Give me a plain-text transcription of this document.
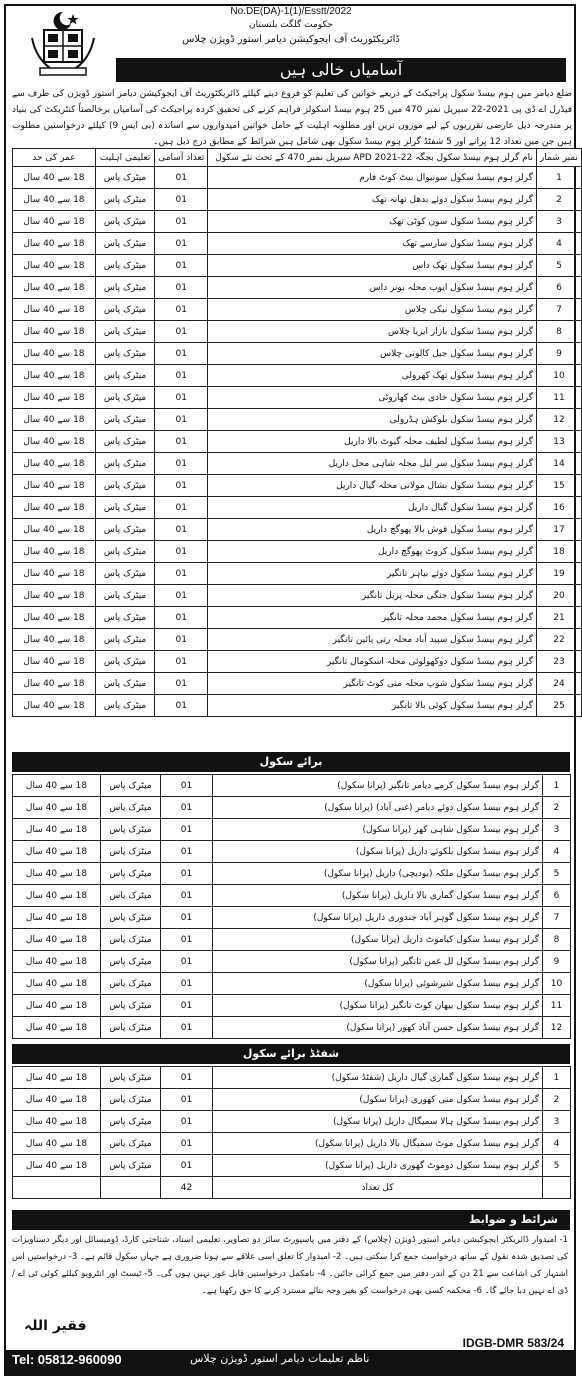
No.DE(DA)-1(1)/Esstt/2022
حکومت گلگت بلتستان
ڈائریکٹوریٹ آف ایجوکیشن دیامر استور ڈویژن چلاس
آسامیاں خالی ہیں
ضلع دیامر میں ہوم بیسڈ سکول پراجیکٹ کے ذریعے خواتین کی تعلیم کو فروغ دینے کیلئے ڈائریکٹوریٹ آف ایجوکیشن دیامر استور ڈویژن کی طرف سے فیڈرل اے ڈی پی 2021-22 سیریل نمبر 470 میں 25 ہوم بیسڈ اسکولز فراہم کرنے کی تحقیق کردہ پراجیکٹ کی آسامیاں برخالصتاً کنٹریکٹ کی بنیاد پر مندرجہ ذیل عارضی تقرریوں کے لیے موزوں ترین اور مطلوبہ اہلیت کے حامل خواتین امیدواروں سے اساتذہ (بی ایس 9) کیلئے درخواستیں مطلوب ہیں جن میں تعداد 12 پرانے اور 5 شفٹڈ گرلز ہوم بیسڈ سکول بھی شامل ہیں شرائط کے مطابق درج ذیل ہیں۔
نمبر شمار	نام گرلز ہوم بیسڈ سکول بجگہ APD 2021-22 سیریل نمبر 470 کے تحت نئے سکول	تعداد آسامی	تعلیمی اہلیت	عمر کی حد
1	گرلز ہوم بیسڈ سکول سونیوال بیٹ کوٹ فارم	01	میٹرک پاس	18 سے 40 سال
2	گرلز ہوم بیسڈ سکول دوئے بدھل تھانہ تھک	01	میٹرک پاس	18 سے 40 سال
3	گرلز ہوم بیسڈ سکول سون کوٹی تھک	01	میٹرک پاس	18 سے 40 سال
4	گرلز ہوم بیسڈ سکول سارسے تھک	01	میٹرک پاس	18 سے 40 سال
5	گرلز ہوم بیسڈ سکول تھک داس	01	میٹرک پاس	18 سے 40 سال
6	گرلز ہوم بیسڈ سکول ایوب محلہ بونر داس	01	میٹرک پاس	18 سے 40 سال
7	گرلز ہوم بیسڈ سکول نیکی چلاس	01	میٹرک پاس	18 سے 40 سال
8	گرلز ہوم بیسڈ سکول بازار ایریا چلاس	01	میٹرک پاس	18 سے 40 سال
9	گرلز ہوم بیسڈ سکول جیل کالونی چلاس	01	میٹرک پاس	18 سے 40 سال
10	گرلز ہوم بیسڈ سکول تھک کھرولی	01	میٹرک پاس	18 سے 40 سال
11	گرلز ہوم بیسڈ سکول خادی بیٹ کھاروٹی	01	میٹرک پاس	18 سے 40 سال
12	گرلز ہوم بیسڈ سکول بلوکش ہڈرولی	01	میٹرک پاس	18 سے 40 سال
13	گرلز ہوم بیسڈ سکول لطیف محلہ گیوٹ بالا داریل	01	میٹرک پاس	18 سے 40 سال
14	گرلز ہوم بیسڈ سکول سر لیل محلہ شاہی محل داریل	01	میٹرک پاس	18 سے 40 سال
15	گرلز ہوم بیسڈ سکول بشال مولانی محلہ گیال داریل	01	میٹرک پاس	18 سے 40 سال
16	گرلز ہوم بیسڈ سکول گیال داریل	01	میٹرک پاس	18 سے 40 سال
17	گرلز ہوم بیسڈ سکول قوش بالا پھوگچ داریل	01	میٹرک پاس	18 سے 40 سال
18	گرلز ہوم بیسڈ سکول کروٹ پھوگچ داریل	01	میٹرک پاس	18 سے 40 سال
19	گرلز ہوم بیسڈ سکول دوئے بیاہر تانگیر	01	میٹرک پاس	18 سے 40 سال
20	گرلز ہوم بیسڈ سکول جنگی محلہ پریل تانگیر	01	میٹرک پاس	18 سے 40 سال
21	گرلز ہوم بیسڈ سکول محمد محلہ تانگیر	01	میٹرک پاس	18 سے 40 سال
22	گرلز ہوم بیسڈ سکول سپید آباد محلہ رتی پائین تانگیر	01	میٹرک پاس	18 سے 40 سال
23	گرلز ہوم بیسڈ سکول دوکھولوئی محلہ اسکومال تانگیر	01	میٹرک پاس	18 سے 40 سال
24	گرلز ہوم بیسڈ سکول شوپ محلہ منی کوٹ تانگیر	01	میٹرک پاس	18 سے 40 سال
25	گرلز ہوم بیسڈ سکول کوئی بالا تانگیر	01	میٹرک پاس	18 سے 40 سال
برائے سکول
1	گرلز ہوم بیسڈ سکول کرمے دیامر تانگیر (پرانا سکول)	01	میٹرک پاس	18 سے 40 سال
2	گرلز ہوم بیسڈ سکول دوئے دیامر (غنی آباد) (پرانا سکول)	01	میٹرک پاس	18 سے 40 سال
3	گرلز ہوم بیسڈ سکول شاہی کھر (پرانا سکول)	01	میٹرک پاس	18 سے 40 سال
4	گرلز ہوم بیسڈ سکول بلکوئے داریل (پرانا سکول)	01	میٹرک پاس	18 سے 40 سال
5	گرلز ہوم بیسڈ سکول ملکہ (بودیچی) داریل (پرانا سکول)	01	میٹرک پاس	18 سے 40 سال
6	گرلز ہوم بیسڈ سکول گماری بالا داریل (پرانا سکول)	01	میٹرک پاس	18 سے 40 سال
7	گرلز ہوم بیسڈ سکول گوہر آباد جندوری داریل (پرانا سکول)	01	میٹرک پاس	18 سے 40 سال
8	گرلز ہوم بیسڈ سکول کیاموٹ داریل (پرانا سکول)	01	میٹرک پاس	18 سے 40 سال
9	گرلز ہوم بیسڈ سکول لل غمن تانگیر (پرانا سکول)	01	میٹرک پاس	18 سے 40 سال
10	گرلز ہوم بیسڈ سکول شیرشوئی (پرانا سکول)	01	میٹرک پاس	18 سے 40 سال
11	گرلز ہوم بیسڈ سکول بیھان کوٹ تانگیر (پرانا سکول)	01	میٹرک پاس	18 سے 40 سال
12	گرلز ہوم بیسڈ سکول حسن آباد کھور (پرانا سکول)	01	میٹرک پاس	18 سے 40 سال
شفٹڈ برائے سکول
1	گرلز ہوم بیسڈ سکول گماری گیال داریل (شفٹڈ سکول)	01	میٹرک پاس	18 سے 40 سال
2	گرلز ہوم بیسڈ سکول منی کھوری (پرانا سکول)	01	میٹرک پاس	18 سے 40 سال
3	گرلز ہوم بیسڈ سکول ہالا سمیگال داریل (پرانا سکول)	01	میٹرک پاس	18 سے 40 سال
4	گرلز ہوم بیسڈ سکول موٹ سمیگال بالا داریل (پرانا سکول)	01	میٹرک پاس	18 سے 40 سال
5	گرلز ہوم بیسڈ سکول دوموٹ گھوری داریل (پرانا سکول)	01	میٹرک پاس	18 سے 40 سال
	کل تعداد	42		
شرائط و ضوابط
1- امیدوار ڈائریکٹر ایجوکیشن دیامر استور ڈویژن (چلاس) کے دفتر میں پاسپورٹ سائز دو تصاویر، تعلیمی اسناد، شناختی کارڈ، ڈومیسائل اور دیگر دستاویزات کی تصدیق شدہ نقول کے ساتھ درخواست جمع کرا سکتی ہیں۔ 2- امیدوار کا تعلق اسی علاقے سے ہونا ضروری ہے جہاں سکول قائم ہے۔ 3- درخواستیں اس اشتہار کی اشاعت سے 21 دن کے اندر دفتر میں جمع کرائی جائیں۔ 4- نامکمل درخواستیں قابل غور نہیں ہوں گی۔ 5- ٹیسٹ اور انٹرویو کیلئے کوئی ٹی اے / ڈی اے نہیں دیا جائے گا۔ 6- محکمہ کسی بھی درخواست کو بغیر وجہ بتائے مسترد کرنے کا حق رکھتا ہے۔
فقیر اللہ
IDGB-DMR 583/24
Tel: 05812-960090	ناظم تعلیمات دیامر استور ڈویژن چلاس
